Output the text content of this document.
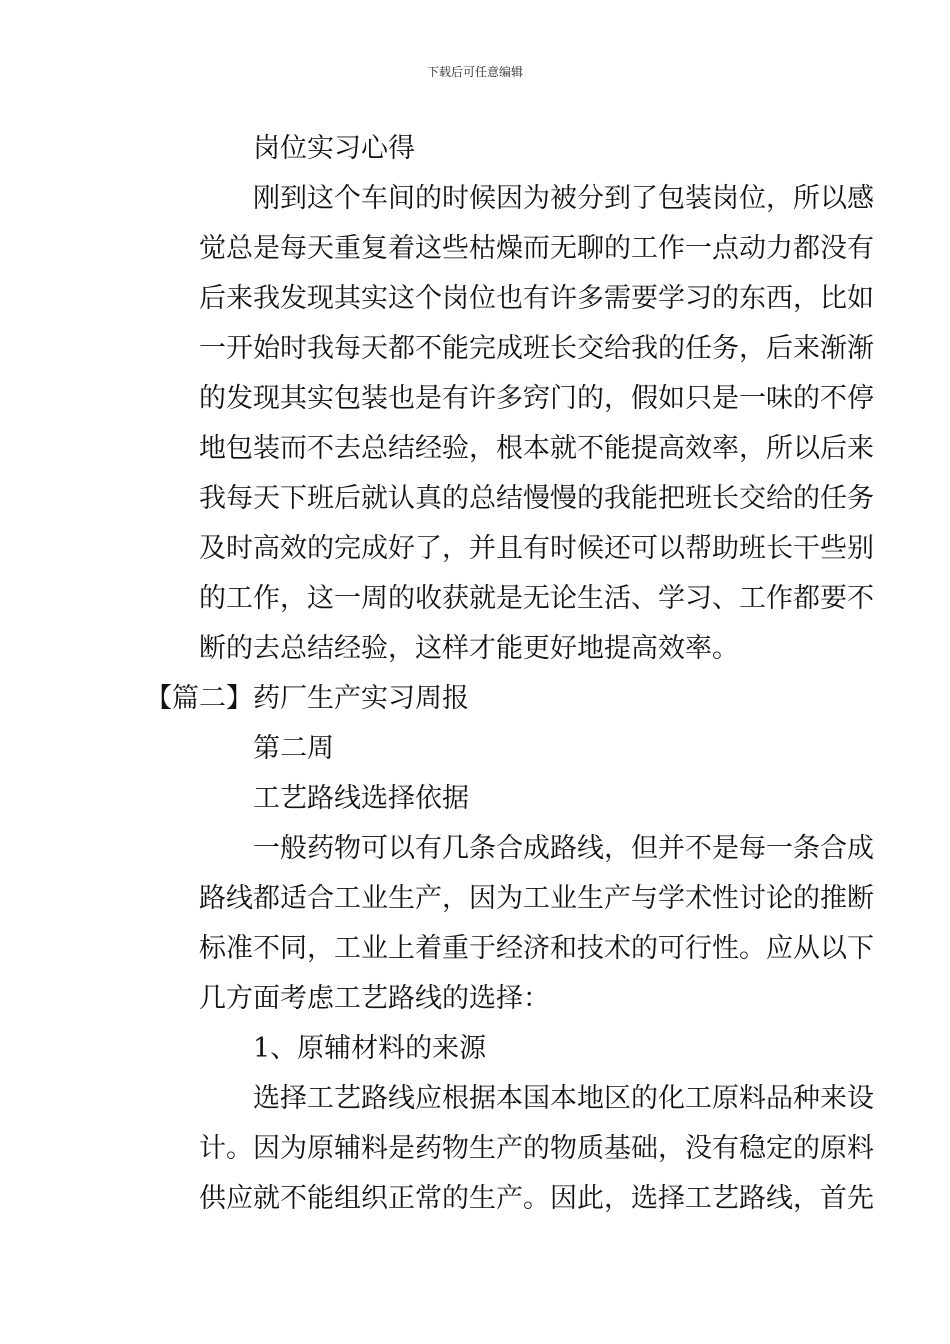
下载后可任意编辑
岗位实习心得
刚到这个车间的时候因为被分到了包装岗位，所以感
觉总是每天重复着这些枯燥而无聊的工作一点动力都没有
后来我发现其实这个岗位也有许多需要学习的东西，比如
一开始时我每天都不能完成班长交给我的任务，后来渐渐
的发现其实包装也是有许多窍门的，假如只是一味的不停
地包装而不去总结经验，根本就不能提高效率，所以后来
我每天下班后就认真的总结慢慢的我能把班长交给的任务
及时高效的完成好了，并且有时候还可以帮助班长干些别
的工作，这一周的收获就是无论生活、学习、工作都要不
断的去总结经验，这样才能更好地提高效率。
【篇二】药厂生产实习周报
第二周
工艺路线选择依据
一般药物可以有几条合成路线，但并不是每一条合成
路线都适合工业生产，因为工业生产与学术性讨论的推断
标准不同，工业上着重于经济和技术的可行性。应从以下
几方面考虑工艺路线的选择：
1、原辅材料的来源
选择工艺路线应根据本国本地区的化工原料品种来设
计。因为原辅料是药物生产的物质基础，没有稳定的原料
供应就不能组织正常的生产。因此，选择工艺路线，首先
